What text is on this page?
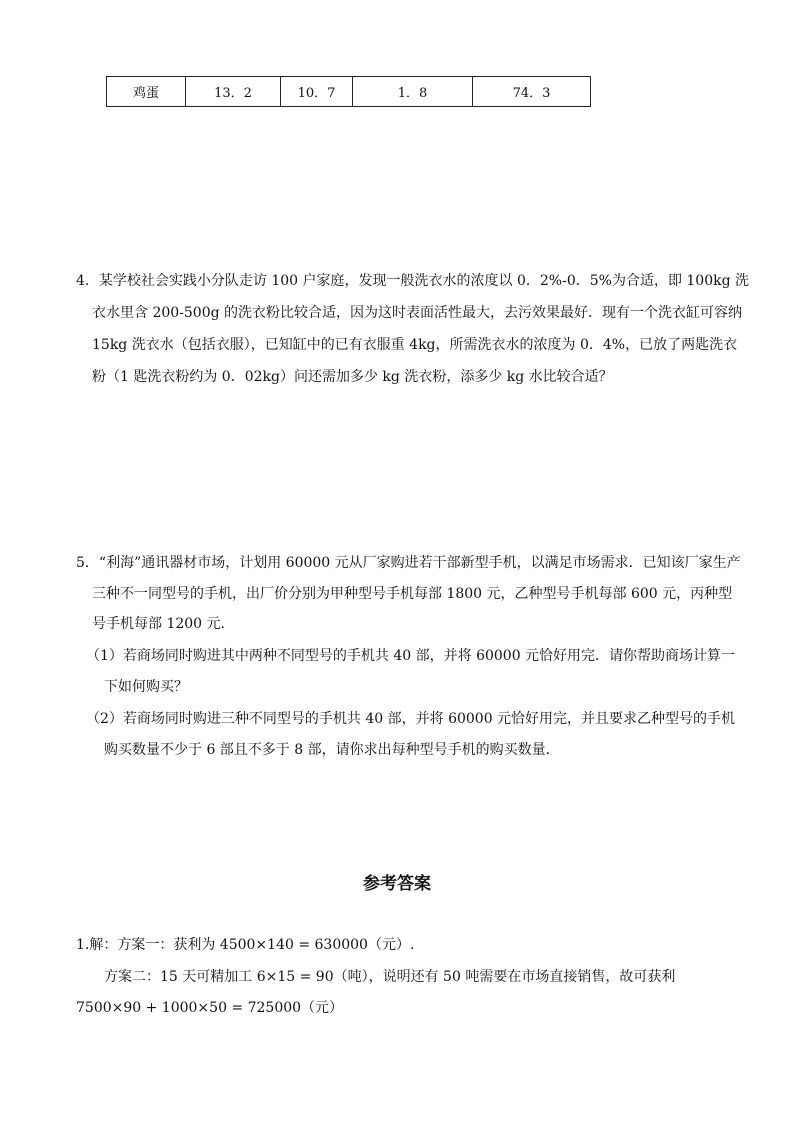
鸡蛋	13．2	10．7	1．8	74．3
4．某学校社会实践小分队走访 100 户家庭，发现一般洗衣水的浓度以 0．2%-0．5%为合适，即 100kg 洗
衣水里含 200-500g 的洗衣粉比较合适，因为这时表面活性最大，去污效果最好．现有一个洗衣缸可容纳
15kg 洗衣水（包括衣服），已知缸中的已有衣服重 4kg，所需洗衣水的浓度为 0．4%，已放了两匙洗衣
粉（1 匙洗衣粉约为 0．02kg）问还需加多少 kg 洗衣粉，添多少 kg 水比较合适？
5．“利海”通讯器材市场，计划用 60000 元从厂家购进若干部新型手机，以满足市场需求．已知该厂家生产
三种不一同型号的手机，出厂价分别为甲种型号手机每部 1800 元，乙种型号手机每部 600 元，丙种型
号手机每部 1200 元．
（1）若商场同时购进其中两种不同型号的手机共 40 部，并将 60000 元恰好用完．请你帮助商场计算一
下如何购买？
（2）若商场同时购进三种不同型号的手机共 40 部，并将 60000 元恰好用完，并且要求乙种型号的手机
购买数量不少于 6 部且不多于 8 部，请你求出每种型号手机的购买数量．
参考答案
1.解：方案一：获利为 4500×140 = 630000（元）.
方案二：15 天可精加工 6×15 = 90（吨），说明还有 50 吨需要在市场直接销售，故可获利
7500×90 + 1000×50 = 725000（元）
